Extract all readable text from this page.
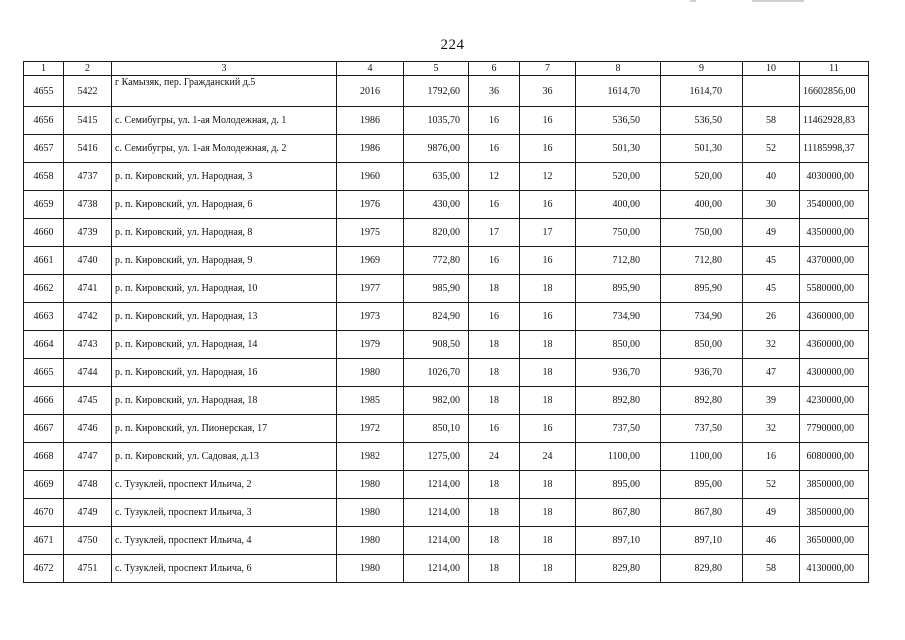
224
1	2	3	4	5	6	7	8	9	10	11
4655	5422	г Камызяк, пер. Гражданский д.5	2016	1792,60	36	36	1614,70	1614,70		16602856,00
4656	5415	с. Семибугры, ул. 1-ая Молодежная, д. 1	1986	1035,70	16	16	536,50	536,50	58	11462928,83
4657	5416	с. Семибугры, ул. 1-ая Молодежная, д. 2	1986	9876,00	16	16	501,30	501,30	52	11185998,37
4658	4737	р. п. Кировский, ул. Народная, 3	1960	635,00	12	12	520,00	520,00	40	4030000,00
4659	4738	р. п. Кировский, ул. Народная, 6	1976	430,00	16	16	400,00	400,00	30	3540000,00
4660	4739	р. п. Кировский, ул. Народная, 8	1975	820,00	17	17	750,00	750,00	49	4350000,00
4661	4740	р. п. Кировский, ул. Народная, 9	1969	772,80	16	16	712,80	712,80	45	4370000,00
4662	4741	р. п. Кировский, ул. Народная, 10	1977	985,90	18	18	895,90	895,90	45	5580000,00
4663	4742	р. п. Кировский, ул. Народная, 13	1973	824,90	16	16	734,90	734,90	26	4360000,00
4664	4743	р. п. Кировский, ул. Народная, 14	1979	908,50	18	18	850,00	850,00	32	4360000,00
4665	4744	р. п. Кировский, ул. Народная, 16	1980	1026,70	18	18	936,70	936,70	47	4300000,00
4666	4745	р. п. Кировский, ул. Народная, 18	1985	982,00	18	18	892,80	892,80	39	4230000,00
4667	4746	р. п. Кировский, ул. Пионерская, 17	1972	850,10	16	16	737,50	737,50	32	7790000,00
4668	4747	р. п. Кировский, ул. Садовая, д.13	1982	1275,00	24	24	1100,00	1100,00	16	6080000,00
4669	4748	с. Тузуклей, проспект Ильича, 2	1980	1214,00	18	18	895,00	895,00	52	3850000,00
4670	4749	с. Тузуклей, проспект Ильича, 3	1980	1214,00	18	18	867,80	867,80	49	3850000,00
4671	4750	с. Тузуклей, проспект Ильича, 4	1980	1214,00	18	18	897,10	897,10	46	3650000,00
4672	4751	с. Тузуклей, проспект Ильича, 6	1980	1214,00	18	18	829,80	829,80	58	4130000,00
